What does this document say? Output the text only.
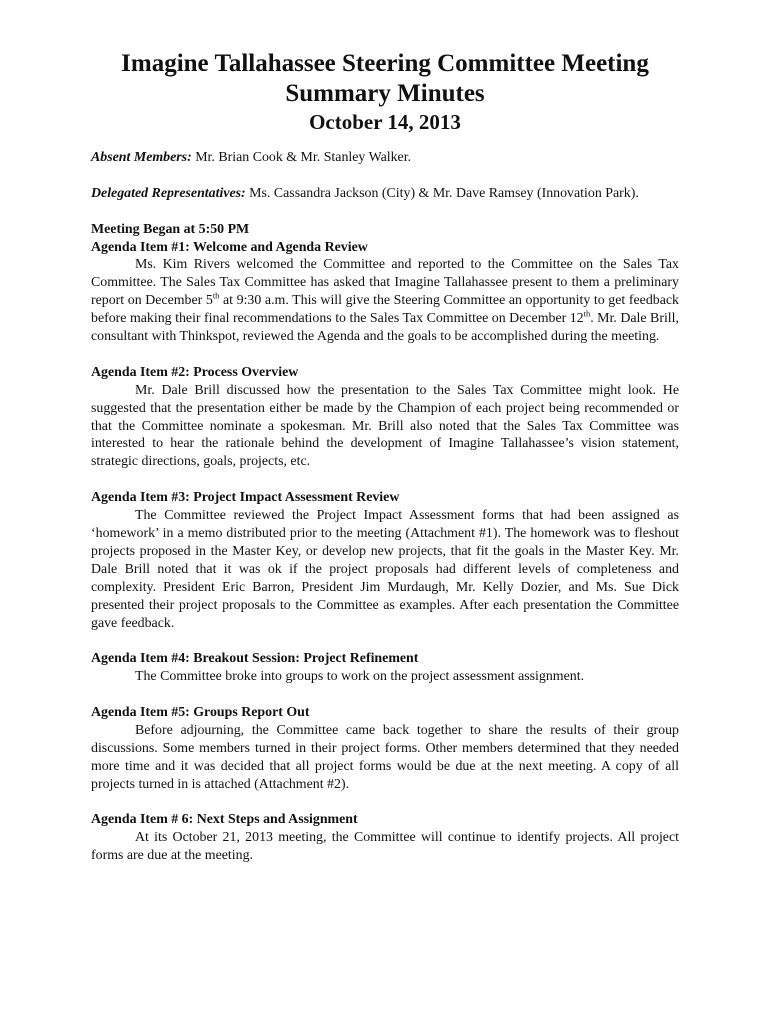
Imagine Tallahassee Steering Committee Meeting
Summary Minutes
October 14, 2013

Absent Members: Mr. Brian Cook & Mr. Stanley Walker.

Delegated Representatives: Ms. Cassandra Jackson (City) & Mr. Dave Ramsey (Innovation Park).

Meeting Began at 5:50 PM

Agenda Item #1: Welcome and Agenda Review

Ms. Kim Rivers welcomed the Committee and reported to the Committee on the Sales Tax Committee. The Sales Tax Committee has asked that Imagine Tallahassee present to them a preliminary report on December 5th at 9:30 a.m. This will give the Steering Committee an opportunity to get feedback before making their final recommendations to the Sales Tax Committee on December 12th. Mr. Dale Brill, consultant with Thinkspot, reviewed the Agenda and the goals to be accomplished during the meeting.

Agenda Item #2: Process Overview

Mr. Dale Brill discussed how the presentation to the Sales Tax Committee might look. He suggested that the presentation either be made by the Champion of each project being recommended or that the Committee nominate a spokesman. Mr. Brill also noted that the Sales Tax Committee was interested to hear the rationale behind the development of Imagine Tallahassee’s vision statement, strategic directions, goals, projects, etc.

Agenda Item #3: Project Impact Assessment Review

The Committee reviewed the Project Impact Assessment forms that had been assigned as ‘homework’ in a memo distributed prior to the meeting (Attachment #1). The homework was to fleshout projects proposed in the Master Key, or develop new projects, that fit the goals in the Master Key. Mr. Dale Brill noted that it was ok if the project proposals had different levels of completeness and complexity. President Eric Barron, President Jim Murdaugh, Mr. Kelly Dozier, and Ms. Sue Dick presented their project proposals to the Committee as examples. After each presentation the Committee gave feedback.

Agenda Item #4: Breakout Session: Project Refinement

The Committee broke into groups to work on the project assessment assignment.

Agenda Item #5: Groups Report Out

Before adjourning, the Committee came back together to share the results of their group discussions. Some members turned in their project forms. Other members determined that they needed more time and it was decided that all project forms would be due at the next meeting. A copy of all projects turned in is attached (Attachment #2).

Agenda Item # 6: Next Steps and Assignment

At its October 21, 2013 meeting, the Committee will continue to identify projects. All project forms are due at the meeting.
